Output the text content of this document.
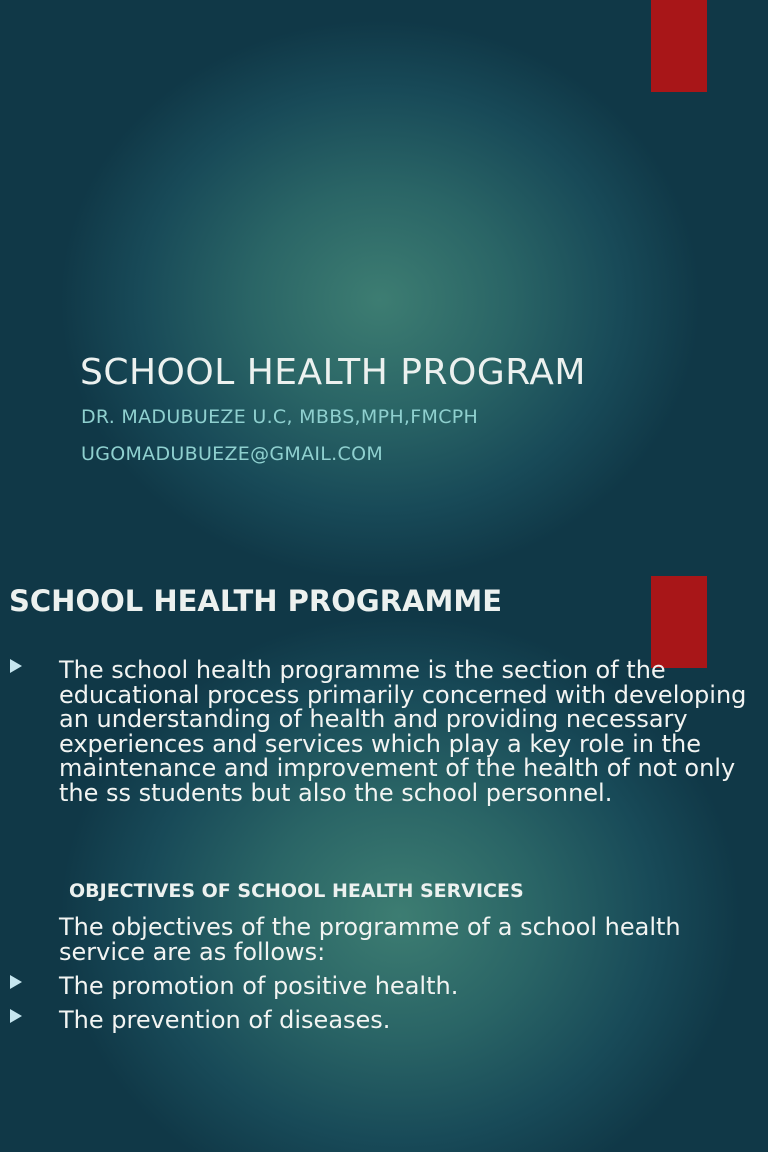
SCHOOL HEALTH PROGRAM
DR. MADUBUEZE U.C, MBBS,MPH,FMCPH
UGOMADUBUEZE@GMAIL.COM
SCHOOL HEALTH PROGRAMME
The school health programme is the section of the educational process primarily concerned with developing an understanding of health and providing necessary experiences and services which play a key role in the maintenance and improvement of the health of not only the ss students but also the school personnel.
OBJECTIVES OF SCHOOL HEALTH SERVICES
The objectives of the programme of a school health service are as follows:
The promotion of positive health.
The prevention of diseases.
